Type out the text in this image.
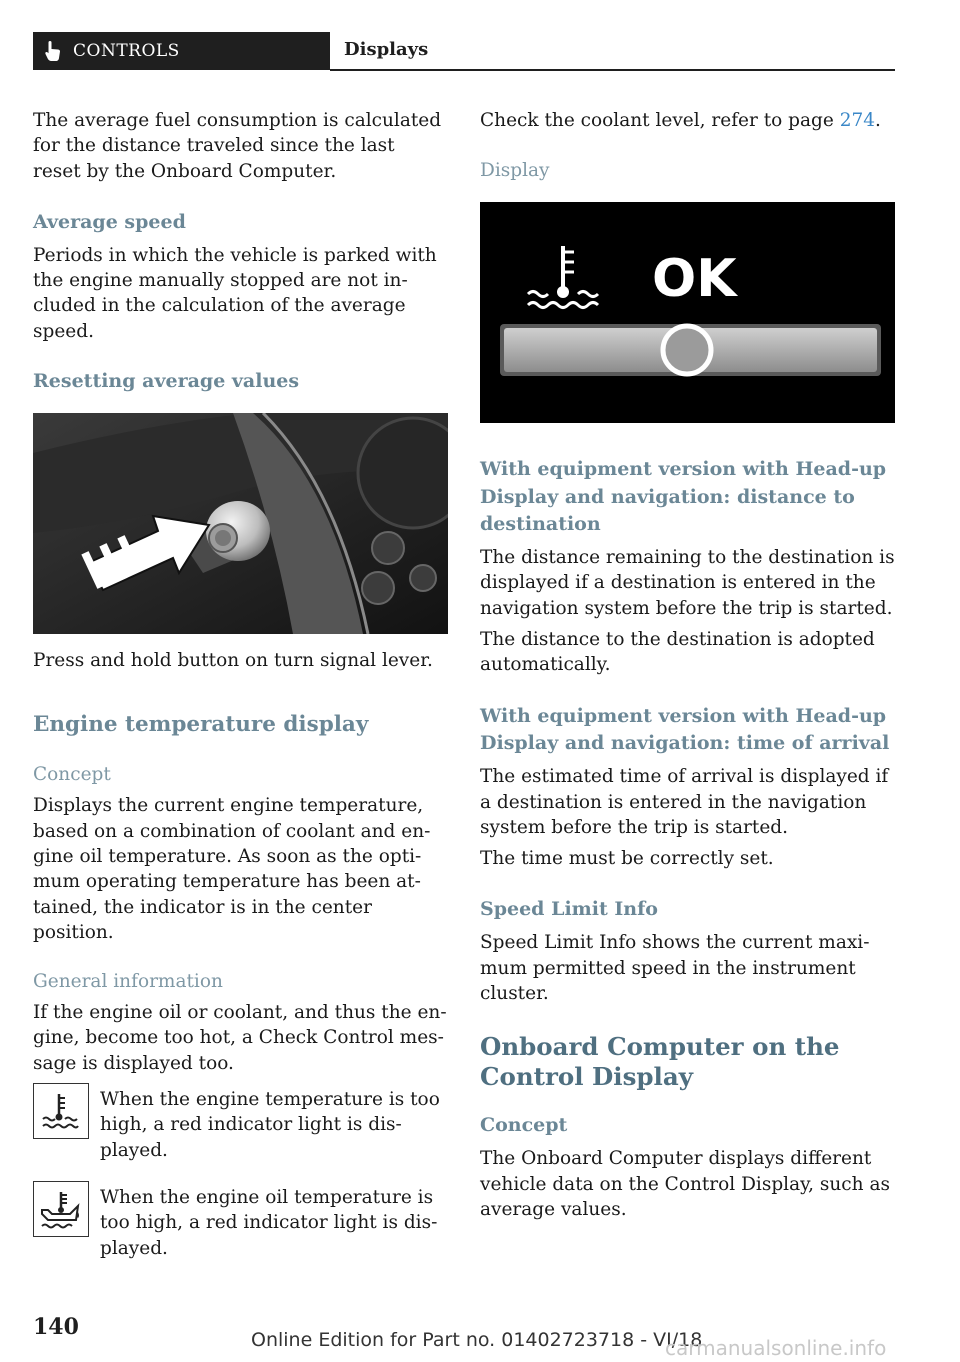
CONTROLS	Displays

The average fuel consumption is calculated for the distance traveled since the last reset by the Onboard Computer.

Average speed

Periods in which the vehicle is parked with the engine manually stopped are not in‐ cluded in the calculation of the average speed.

Resetting average values

Press and hold button on turn signal lever.

Engine temperature display
Concept

Displays the current engine temperature, based on a combination of coolant and en‐ gine oil temperature. As soon as the opti‐ mum operating temperature has been at‐ tained, the indicator is in the center position.

General information

If the engine oil or coolant, and thus the en‐ gine, become too hot, a Check Control mes‐ sage is displayed too.

When the engine temperature is too high, a red indicator light is dis‐ played.

When the engine oil temperature is too high, a red indicator light is dis‐ played.

Check the coolant level, refer to page 274.

Display
OK
With equipment version with Head-up Display and navigation: distance to destination

The distance remaining to the destination is displayed if a destination is entered in the navigation system before the trip is started.

The distance to the destination is adopted automatically.

With equipment version with Head-up Display and navigation: time of arrival

The estimated time of arrival is displayed if a destination is entered in the navigation system before the trip is started.

The time must be correctly set.

Speed Limit Info

Speed Limit Info shows the current maxi‐ mum permitted speed in the instrument cluster.

Onboard Computer on the Control Display
Concept

The Onboard Computer displays different vehicle data on the Control Display, such as average values.

140	Online Edition for Part no. 01402723718 - VI/18
carmanualsonline.info
